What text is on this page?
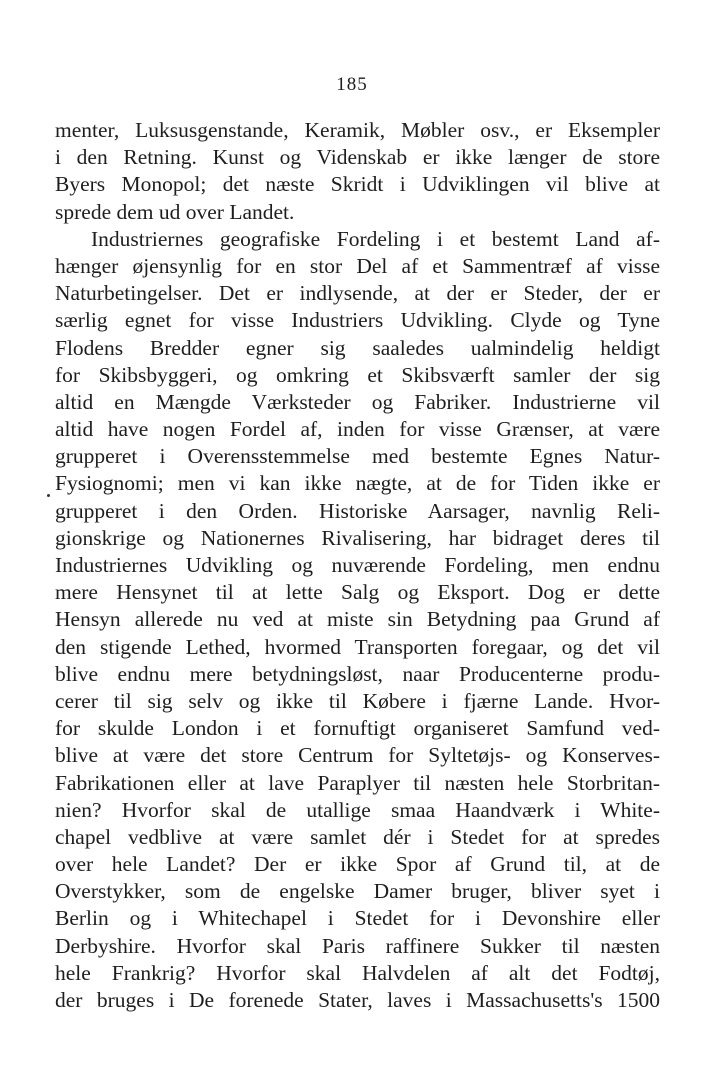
185
menter, Luksusgenstande, Keramik, Møbler osv., er Eksempler
i den Retning. Kunst og Videnskab er ikke længer de store
Byers Monopol; det næste Skridt i Udviklingen vil blive at
sprede dem ud over Landet.
Industriernes geografiske Fordeling i et bestemt Land af-
hænger øjensynlig for en stor Del af et Sammentræf af visse
Naturbetingelser. Det er indlysende, at der er Steder, der er
særlig egnet for visse Industriers Udvikling. Clyde og Tyne
Flodens Bredder egner sig saaledes ualmindelig heldigt
for Skibsbyggeri, og omkring et Skibsværft samler der sig
altid en Mængde Værksteder og Fabriker. Industrierne vil
altid have nogen Fordel af, inden for visse Grænser, at være
grupperet i Overensstemmelse med bestemte Egnes Natur-
Fysiognomi; men vi kan ikke nægte, at de for Tiden ikke er
grupperet i den Orden. Historiske Aarsager, navnlig Reli-
gionskrige og Nationernes Rivalisering, har bidraget deres til
Industriernes Udvikling og nuværende Fordeling, men endnu
mere Hensynet til at lette Salg og Eksport. Dog er dette
Hensyn allerede nu ved at miste sin Betydning paa Grund af
den stigende Lethed, hvormed Transporten foregaar, og det vil
blive endnu mere betydningsløst, naar Producenterne produ-
cerer til sig selv og ikke til Købere i fjærne Lande. Hvor-
for skulde London i et fornuftigt organiseret Samfund ved-
blive at være det store Centrum for Syltetøjs- og Konserves-
Fabrikationen eller at lave Paraplyer til næsten hele Storbritan-
nien? Hvorfor skal de utallige smaa Haandværk i White-
chapel vedblive at være samlet dér i Stedet for at spredes
over hele Landet? Der er ikke Spor af Grund til, at de
Overstykker, som de engelske Damer bruger, bliver syet i
Berlin og i Whitechapel i Stedet for i Devonshire eller
Derbyshire. Hvorfor skal Paris raffinere Sukker til næsten
hele Frankrig? Hvorfor skal Halvdelen af alt det Fodtøj,
der bruges i De forenede Stater, laves i Massachusetts's 1500
